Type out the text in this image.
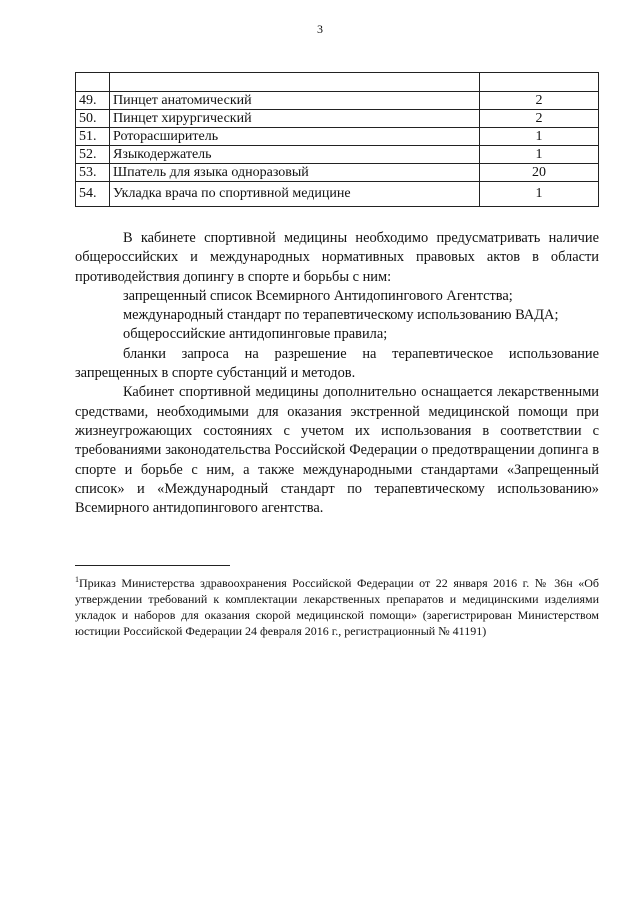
3

49.	Пинцет анатомический	2
50.	Пинцет хирургический	2
51.	Роторасширитель	1
52.	Языкодержатель	1
53.	Шпатель для языка одноразовый	20
54.	Укладка врача по спортивной медицине	1

В кабинете спортивной медицины необходимо предусматривать наличие общероссийских и международных нормативных правовых актов в области противодействия допингу в спорте и борьбы с ним:

запрещенный список Всемирного Антидопингового Агентства;

международный стандарт по терапевтическому использованию ВАДА;

общероссийские антидопинговые правила;

бланки запроса на разрешение на терапевтическое использование запрещенных в спорте субстанций и методов.

Кабинет спортивной медицины дополнительно оснащается лекарственными средствами, необходимыми для оказания экстренной медицинской помощи при жизнеугрожающих состояниях с учетом их использования в соответствии с требованиями законодательства Российской Федерации о предотвращении допинга в спорте и борьбе с ним, а также международными стандартами «Запрещенный список» и «Международный стандарт по терапевтическому использованию» Всемирного антидопингового агентства.

$^1$Приказ Министерства здравоохранения Российской Федерации от 22 января 2016 г. № 36н «Об утверждении требований к комплектации лекарственных препаратов и медицинскими изделиями укладок и наборов для оказания скорой медицинской помощи» (зарегистрирован Министерством юстиции Российской Федерации 24 февраля 2016 г., регистрационный № 41191)
